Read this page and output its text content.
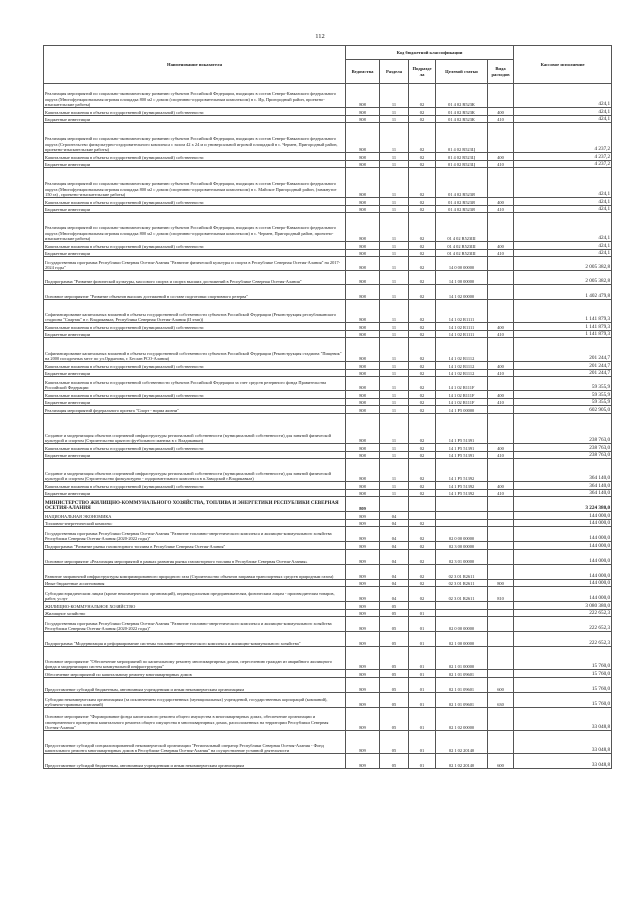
112
Наименование показателя	Код бюджетной классификации					Кассовое исполнение
	Ведомства	Раздела	Подразде ла	Целевой статьи	Вида расходов	
Реализация мероприятий по социально-экономическому развитию субъектов Российской Федерации, входящих в состав Северо-Кавказского федерального округа (Многофункциональная игровая площадка 800 м2 с домом (спортивно-оздоровительным комплексом) в с. Ир, Пригородный район, проектно-изыскательские работы)	808	11	02	01 4 02 R523К		424,1
Капитальные вложения в объекты государственной (муниципальной) собственности	808	11	02	01 4 02 R523К	400	424,1
Бюджетные инвестиции	808	11	02	01 4 02 R523К	410	424,1
Реализация мероприятий по социально-экономическому развитию субъектов Российской Федерации, входящих в состав Северо-Кавказского федерального округа (Строительство физкультурно-оздоровительного комплекса с залом 42 х 24 м и универсальной игровой площадкой в с. Чермен, Пригородный район, проектно-изыскательские работы)	808	11	02	01 4 02 R523Ц		4 237,2
Капитальные вложения в объекты государственной (муниципальной) собственности	808	11	02	01 4 02 R523Ц	400	4 237,2
Бюджетные инвестиции	808	11	02	01 4 02 R523Ц	410	4 237,2
Реализация мероприятий по социально-экономическому развитию субъектов Российской Федерации, входящих в состав Северо-Кавказского федерального округа (Многофункциональная игровая площадка 800 м2 с домом (спортивно-оздоровительным комплексом) в с. Майское Пригородный район, (замкнутое 150 га) , проектно-изыскательские работы)	808	11	02	01 4 02 R523Я		424,1
Капитальные вложения в объекты государственной (муниципальной) собственности	808	11	02	01 4 02 R523Я	400	424,1
Бюджетные инвестиции	808	11	02	01 4 02 R523Я	410	424,1
Реализация мероприятий по социально-экономическому развитию субъектов Российской Федерации, входящих в состав Северо-Кавказского федерального округа (Многофункциональная игровая площадка 800 м2 с домом (спортивно-оздоровительным комплексом) в с. Чермен, Пригородный район, проектно-изыскательские работы)	808	11	02	01 4 02 R523Ш		424,1
Капитальные вложения в объекты государственной (муниципальной) собственности	808	11	02	01 4 02 R523Ш	400	424,1
Бюджетные инвестиции	808	11	02	01 4 02 R523Ш	410	424,1
Государственная программа Республики Северная Осетия-Алания "Развитие физической культуры и спорта в Республике Северная Осетия-Алания" на 2017-2024 годы"	808	11	02	14 0 00 00000		2 005 382,8
Подпрограмма "Развитие физической культуры, массового спорта и спорта высших достижений в Республике Северная Осетия-Алания"	808	11	02	14 1 00 00000		2 005 382,8
Основное мероприятие "Развитие объектов высших достижений в составе подготовки спортивного резерва"	808	11	02	14 1 02 00000		1 402 479,8
Софинансирование капитальных вложений в объекты государственной собственности субъектов Российской Федерации (Реконструкция республиканского стадиона "Спартак" в г. Владикавказ, Республика Северная Осетия-Алания (II этап))	808	11	02	14 1 02 R1111		1 141 879,3
Капитальные вложения в объекты государственной (муниципальной) собственности	808	11	02	14 1 02 R1111	400	1 141 879,3
Бюджетные инвестиции	808	11	02	14 1 02 R1111	410	1 141 879,3
Софинансирование капитальных вложений в объекты государственной собственности субъектов Российской Федерации (Реконструкция стадиона "Пищевик" на 2000 посадочных мест по ул.Ордынова, г. Беслан РСО-Алания)	808	11	02	14 1 02 R1112		201 244,7
Капитальные вложения в объекты государственной (муниципальной) собственности	808	11	02	14 1 02 R1112	400	201 244,7
Бюджетные инвестиции	808	11	02	14 1 02 R1112	410	201 244,7
Капитальные вложения в объекты государственной собственности субъектов Российской Федерации за счет средств резервного фонда Правительства Российской Федерации	808	11	02	14 1 02 R111F		59 355,9
Капитальные вложения в объекты государственной (муниципальной) собственности	808	11	02	14 1 02 R111F	400	59 355,9
Бюджетные инвестиции	808	11	02	14 1 02 R111F	410	59 355,9
Реализация мероприятий федерального проекта "Спорт - норма жизни"	808	11	02	14 1 P5 00000		602 905,0
Создание и модернизация объектов спортивной инфраструктуры региональной собственности (муниципальной собственности) для занятий физической культурой и спортом (Строительство крытого футбольного манежа в г. Владикавказ)	808	11	02	14 1 P5 51391		238 763,0
Капитальные вложения в объекты государственной (муниципальной) собственности	808	11	02	14 1 P5 51391	400	238 763,0
Бюджетные инвестиции	808	11	02	14 1 P5 51391	410	238 763,0
Создание и модернизация объектов спортивной инфраструктуры региональной собственности (муниципальной собственности) для занятий физической культурой и спортом (Строительство физкультурно - оздоровительного комплекса в п.Заводской г.Владикавказ)	808	11	02	14 1 P5 51392		364 140,0
Капитальные вложения в объекты государственной (муниципальной) собственности	808	11	02	14 1 P5 51392	400	364 140,0
Бюджетные инвестиции	808	11	02	14 1 P5 51392	410	364 140,0
МИНИСТЕРСТВО ЖИЛИЩНО-КОММУНАЛЬНОГО ХОЗЯЙСТВА, ТОПЛИВА И ЭНЕРГЕТИКИ РЕСПУБЛИКИ СЕВЕРНАЯ ОСЕТИЯ-АЛАНИЯ	809					3 224 380,0
НАЦИОНАЛЬНАЯ ЭКОНОМИКА	809	04				144 000,0
Топливно-энергетический комплекс	809	04	02			144 000,0
Государственная программа Республики Северная Осетия-Алания "Развитие топливно-энергетического комплекса и жилищно-коммунального хозяйства Республики Северная Осетия-Алания (2020-2022 годы)"	809	04	02	02 0 00 00000		144 000,0
Подпрограмма "Развитие рынка газомоторного топлива в Республике Северная Осетия-Алания"	809	04	02	02 3 00 00000		144 000,0
Основное мероприятие «Реализация мероприятий в рамках развития рынка газомоторного топлива в Республике Северная Осетия-Алания»	809	04	02	02 3 01 00000		144 000,0
Развитие заправочной инфраструктуры компримированного природного газа (Строительство объектов заправки транспортных средств природным газом)	809	04	02	02 3 01 R2611		144 000,0
Иные бюджетные ассигнования	809	04	02	02 3 01 R2611	800	144 000,0
Субсидии юридическим лицам (кроме некоммерческих организаций), индивидуальным предпринимателям, физическим лицам - производителям товаров, работ, услуг	809	04	02	02 3 01 R2611	810	144 000,0
ЖИЛИЩНО-КОММУНАЛЬНОЕ ХОЗЯЙСТВО	809	05				3 080 380,0
Жилищное хозяйство	809	05	01			222 652,3
Государственная программа Республики Северная Осетия-Алания "Развитие топливно-энергетического комплекса и жилищно-коммунального хозяйства Республики Северная Осетия-Алания (2020-2022 годы)"	809	05	01	02 0 00 00000		222 652,3
Подпрограмма "Модернизация и реформирование системы топливно-энергетического комплекса и жилищно-коммунального хозяйства"	809	05	01	02 1 00 00000		222 652,3
Основное мероприятие "Обеспечение мероприятий по капитальному ремонту многоквартирных домов, переселению граждан из аварийного жилищного фонда и модернизации систем коммунальной инфраструктуры"	809	05	01	02 1 01 00000		15 760,0
Обеспечение мероприятий по капитальному ремонту многоквартирных домов	809	05	01	02 1 01 09601		15 760,0
Предоставление субсидий бюджетным, автономным учреждениям и иным некоммерческим организациям	809	05	01	02 1 01 09601	600	15 760,0
Субсидии некоммерческим организациям (за исключением государственных (муниципальных) учреждений, государственных корпораций (компаний), публично-правовых компаний)	809	05	01	02 1 01 09601	630	15 760,0
Основное мероприятие "Формирование фонда капитального ремонта общего имущества в многоквартирных домах, обеспечение организации и своевременного проведения капитального ремонта общего имущества в многоквартирных домах, расположенных на территории Республики Северная Осетия-Алания"	809	05	01	02 1 02 00000		33 048,8
Предоставление субсидий специализированной некоммерческой организации "Региональный оператор Республики Северная Осетия-Алания - Фонд капитального ремонта многоквартирных домов в Республике Северная Осетия-Алания" на осуществление уставной деятельности	809	05	01	02 1 02 20140		33 048,8
Предоставление субсидий бюджетным, автономным учреждениям и иным некоммерческим организациям	809	05	01	02 1 02 20140	600	33 048,8
